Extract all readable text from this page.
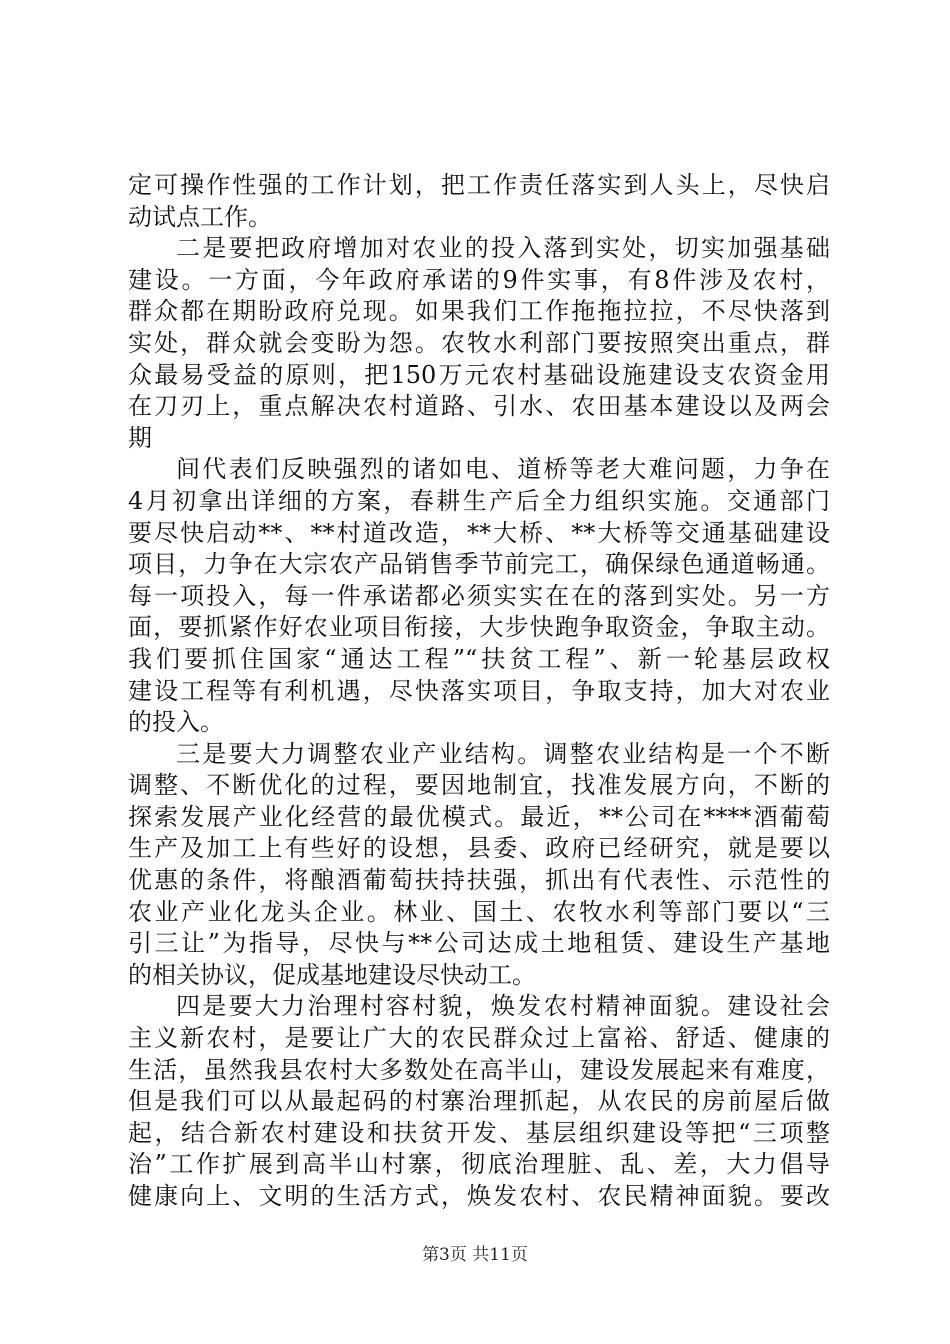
定可操作性强的工作计划，把工作责任落实到人头上，尽快启
动试点工作。
二是要把政府增加对农业的投入落到实处，切实加强基础
建设。一方面，今年政府承诺的9件实事，有8件涉及农村，
群众都在期盼政府兑现。如果我们工作拖拖拉拉，不尽快落到
实处，群众就会变盼为怨。农牧水利部门要按照突出重点，群
众最易受益的原则，把150万元农村基础设施建设支农资金用
在刀刃上，重点解决农村道路、引水、农田基本建设以及两会
期
间代表们反映强烈的诸如电、道桥等老大难问题，力争在
4月初拿出详细的方案，春耕生产后全力组织实施。交通部门
要尽快启动**、**村道改造，**大桥、**大桥等交通基础建设
项目，力争在大宗农产品销售季节前完工，确保绿色通道畅通。
每一项投入，每一件承诺都必须实实在在的落到实处。另一方
面，要抓紧作好农业项目衔接，大步快跑争取资金，争取主动。
我们要抓住国家“通达工程”“扶贫工程”、新一轮基层政权
建设工程等有利机遇，尽快落实项目，争取支持，加大对农业
的投入。
三是要大力调整农业产业结构。调整农业结构是一个不断
调整、不断优化的过程，要因地制宜，找准发展方向，不断的
探索发展产业化经营的最优模式。最近，**公司在****酒葡萄
生产及加工上有些好的设想，县委、政府已经研究，就是要以
优惠的条件，将酿酒葡萄扶持扶强，抓出有代表性、示范性的
农业产业化龙头企业。林业、国土、农牧水利等部门要以“三
引三让”为指导，尽快与**公司达成土地租赁、建设生产基地
的相关协议，促成基地建设尽快动工。
四是要大力治理村容村貌，焕发农村精神面貌。建设社会
主义新农村，是要让广大的农民群众过上富裕、舒适、健康的
生活，虽然我县农村大多数处在高半山，建设发展起来有难度，
但是我们可以从最起码的村寨治理抓起，从农民的房前屋后做
起，结合新农村建设和扶贫开发、基层组织建设等把“三项整
治”工作扩展到高半山村寨，彻底治理脏、乱、差，大力倡导
健康向上、文明的生活方式，焕发农村、农民精神面貌。要改
第3页 共11页
